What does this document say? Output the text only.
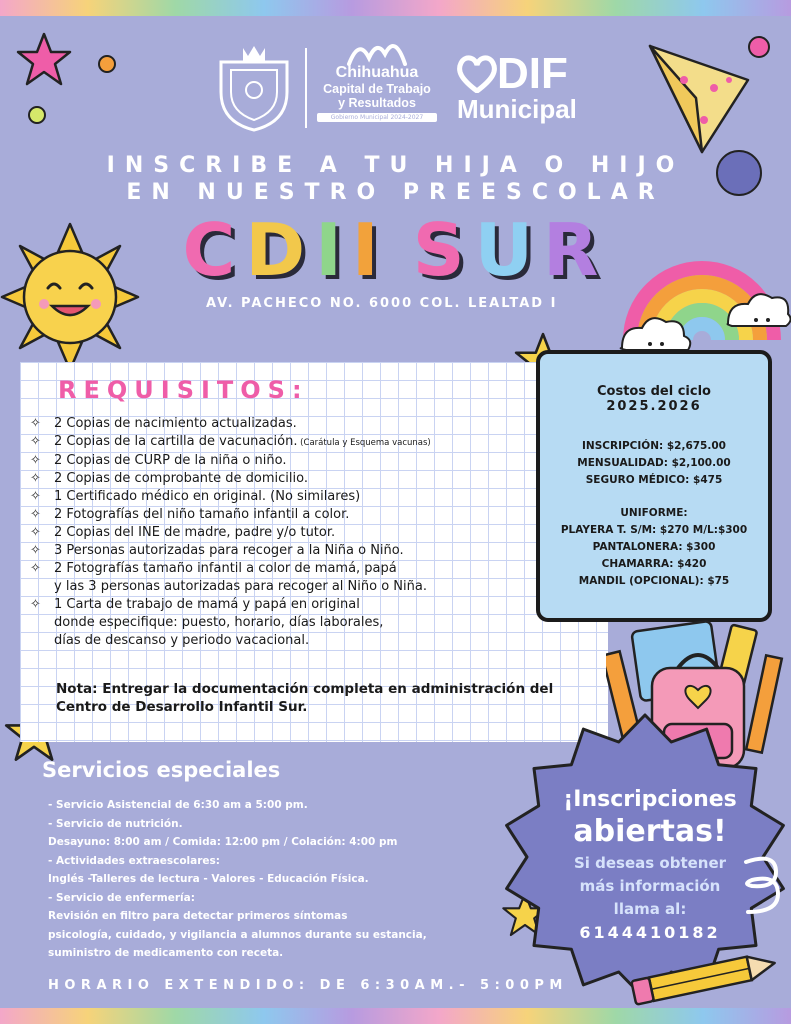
Chihuahua
Capital de Trabajo
y Resultados
Gobierno Municipal 2024-2027
DIF
Municipal
INSCRIBE A TU HIJA O HIJO
EN NUESTRO PREESCOLAR
CDII SUR
AV. PACHECO NO. 6000 COL. LEALTAD I
REQUISITOS:
✧ 2 Copias de nacimiento actualizadas.
✧ 2 Copias de la cartilla de vacunación. (Carátula y Esquema vacunas)
✧ 2 Copias de CURP de la niña o niño.
✧ 2 Copias de comprobante de domicilio.
✧ 1 Certificado médico en original. (No similares)
✧ 2 Fotografías del niño tamaño infantil a color.
✧ 2 Copias del INE de madre, padre y/o tutor.
✧ 3 Personas autorizadas para recoger a la Niña o Niño.
✧ 2 Fotografías tamaño infantil a color de mamá, papá
y las 3 personas autorizadas para recoger al Niño o Niña.
✧ 1 Carta de trabajo de mamá y papá en original
donde especifique: puesto, horario, días laborales,
días de descanso y periodo vacacional.
Nota: Entregar la documentación completa en administración del Centro de Desarrollo Infantil Sur.
Costos del ciclo
2025.2026
INSCRIPCIÓN: $2,675.00
MENSUALIDAD: $2,100.00
SEGURO MÉDICO: $475
UNIFORME:
PLAYERA T. S/M: $270 M/L:$300
PANTALONERA: $300
CHAMARRA: $420
MANDIL (OPCIONAL): $75
Servicios especiales
- Servicio Asistencial de 6:30 am a 5:00 pm.
- Servicio de nutrición.
Desayuno: 8:00 am / Comida: 12:00 pm / Colación: 4:00 pm
- Actividades extraescolares:
Inglés -Talleres de lectura - Valores - Educación Física.
- Servicio de enfermería:
Revisión en filtro para detectar primeros síntomas
psicología, cuidado, y vigilancia a alumnos durante su estancia,
suministro de medicamento con receta.
¡Inscripciones
abiertas!
Si deseas obtener
más información
llama al:
6144410182
HORARIO EXTENDIDO: DE 6:30AM.- 5:00PM
